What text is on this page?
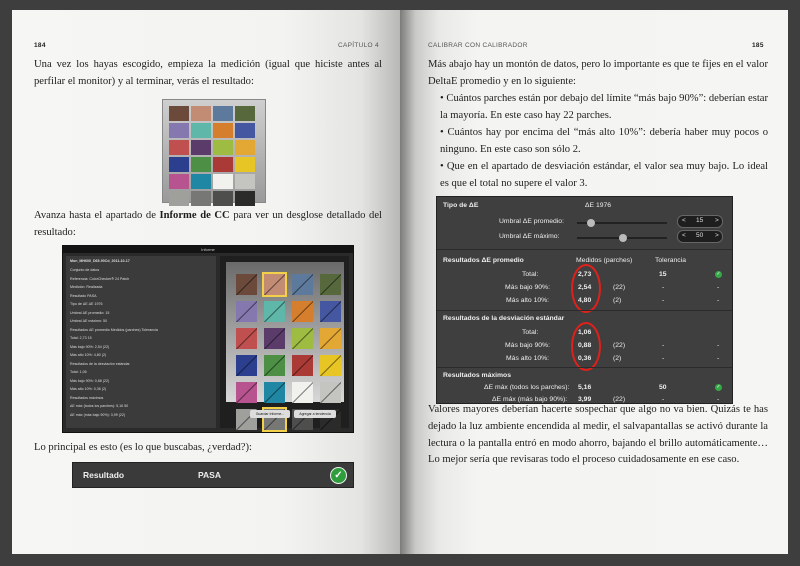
184	CAPÍTULO 4
Una vez los hayas escogido, empieza la medición (igual que hiciste antes al perfilar el monitor) y al terminar, verás el resultado:
Avanza hasta el apartado de Informe de CC para ver un desglose detallado del resultado:
Informe
Mon_MH600_D65-90Cd_2011-10-17
Conjunto de datos
Referencia: ColorChecker® 24 Patch
Medición: Realizada
Resultado PASA
Tipo de ΔE ΔE 1976
Umbral ΔE promedio: 15
Umbral ΔE máximo: 50
Resultados ΔE promedio Medidos (parches) Tolerancia
Total: 2,73 15
Más bajo 90%: 2,54 (22)
Más alto 10%: 4,80 (2)
Resultados de la desviación estándar
Total: 1,06
Más bajo 90%: 0,88 (22)
Más alto 10%: 0,36 (2)
Resultados máximos
ΔE máx (todos los parches): 5,16 50
ΔE máx (más bajo 90%): 3,99 (22)	Guardar Informe...	Agregar a tendencia
Lo principal es esto (es lo que buscabas, ¿verdad?):
Resultado	PASA	✓
CALIBRAR CON CALIBRADOR	185
Más abajo hay un montón de datos, pero lo importante es que te fijes en el valor DeltaE promedio y en lo siguiente:
• Cuántos parches están por debajo del límite “más bajo 90%”: deberían estar la mayoría. En este caso hay 22 parches.
• Cuántos hay por encima del “más alto 10%”: debería haber muy pocos o ninguno. En este caso son sólo 2.
• Que en el apartado de desviación estándar, el valor sea muy bajo. Lo ideal es que el total no supere el valor 3.
Tipo de ΔE	ΔE 1976
Umbral ΔE promedio:	< 15 >
Umbral ΔE máximo:	< 50 >
Resultados ΔE promedio	Medidos (parches)	Tolerancia
Total:	2,73	15	✓
Más bajo 90%:	2,54	(22)	-	-
Más alto 10%:	4,80	(2)	-	-
Resultados de la desviación estándar
Total:	1,06
Más bajo 90%:	0,88	(22)	-	-
Más alto 10%:	0,36	(2)	-	-
Resultados máximos
ΔE máx (todos los parches): 5,16	50	✓
ΔE máx (más bajo 90%): 3,99	(22)	-	-
Valores mayores deberían hacerte sospechar que algo no va bien. Quizás te has dejado la luz ambiente encendida al medir, el salvapantallas se activó durante la lectura o la pantalla entró en modo ahorro, bajando el brillo automáticamente… Lo mejor sería que revisaras todo el proceso cuidadosamente en ese caso.
